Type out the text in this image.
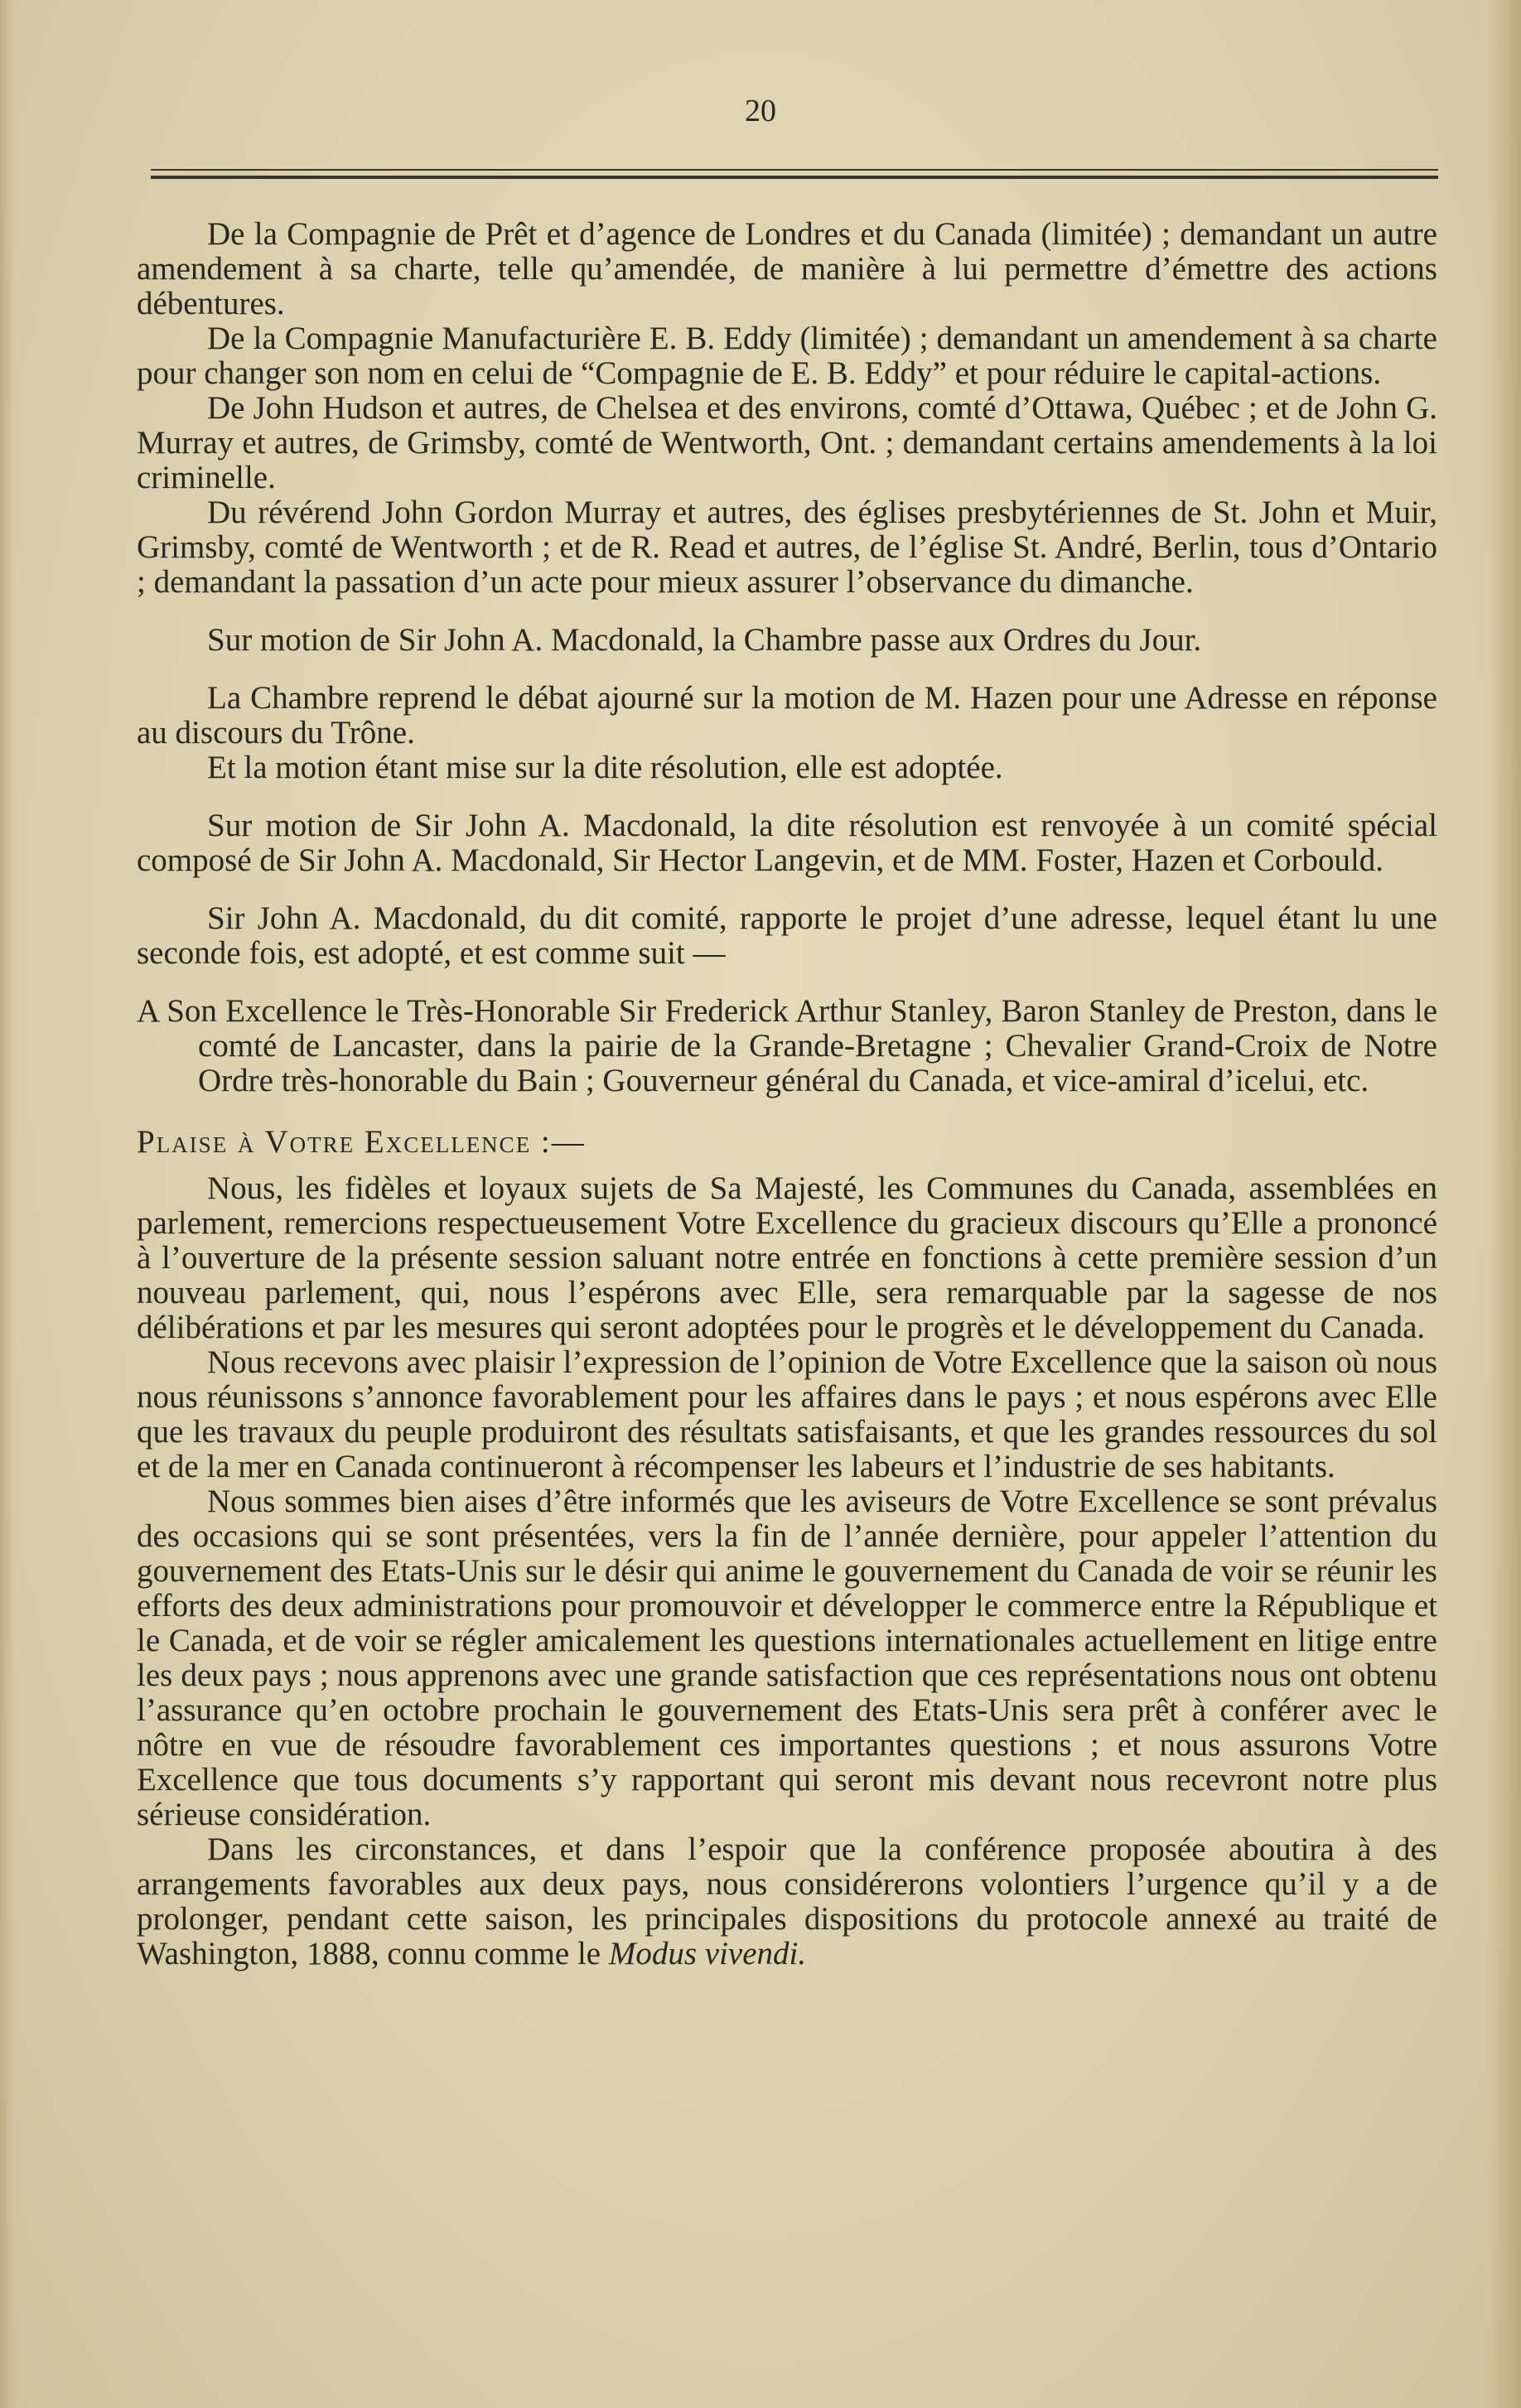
20

De la Compagnie de Prêt et d’agence de Londres et du Canada (limitée) ; demandant un autre amendement à sa charte, telle qu’amendée, de manière à lui permettre d’émettre des actions débentures.

De la Compagnie Manufacturière E. B. Eddy (limitée) ; demandant un amendement à sa charte pour changer son nom en celui de “Compagnie de E. B. Eddy” et pour réduire le capital-actions.

De John Hudson et autres, de Chelsea et des environs, comté d’Ottawa, Québec ; et de John G. Murray et autres, de Grimsby, comté de Wentworth, Ont. ; demandant certains amendements à la loi criminelle.

Du révérend John Gordon Murray et autres, des églises presbytériennes de St. John et Muir, Grimsby, comté de Wentworth ; et de R. Read et autres, de l’église St. André, Berlin, tous d’Ontario ; demandant la passation d’un acte pour mieux assurer l’observance du dimanche.

Sur motion de Sir John A. Macdonald, la Chambre passe aux Ordres du Jour.

La Chambre reprend le débat ajourné sur la motion de M. Hazen pour une Adresse en réponse au discours du Trône.

Et la motion étant mise sur la dite résolution, elle est adoptée.

Sur motion de Sir John A. Macdonald, la dite résolution est renvoyée à un comité spécial composé de Sir John A. Macdonald, Sir Hector Langevin, et de MM. Foster, Hazen et Corbould.

Sir John A. Macdonald, du dit comité, rapporte le projet d’une adresse, lequel étant lu une seconde fois, est adopté, et est comme suit —

A Son Excellence le Très-Honorable Sir Frederick Arthur Stanley, Baron Stanley de Preston, dans le comté de Lancaster, dans la pairie de la Grande-Bretagne ; Chevalier Grand-Croix de Notre Ordre très-honorable du Bain ; Gouverneur général du Canada, et vice-amiral d’icelui, etc.

Plaise à Votre Excellence :—

Nous, les fidèles et loyaux sujets de Sa Majesté, les Communes du Canada, assemblées en parlement, remercions respectueusement Votre Excellence du gracieux discours qu’Elle a prononcé à l’ouverture de la présente session saluant notre entrée en fonctions à cette première session d’un nouveau parlement, qui, nous l’espérons avec Elle, sera remarquable par la sagesse de nos délibérations et par les mesures qui seront adoptées pour le progrès et le développement du Canada.

Nous recevons avec plaisir l’expression de l’opinion de Votre Excellence que la saison où nous nous réunissons s’annonce favorablement pour les affaires dans le pays ; et nous espérons avec Elle que les travaux du peuple produiront des résultats satisfaisants, et que les grandes ressources du sol et de la mer en Canada continueront à récompenser les labeurs et l’industrie de ses habitants.

Nous sommes bien aises d’être informés que les aviseurs de Votre Excellence se sont prévalus des occasions qui se sont présentées, vers la fin de l’année dernière, pour appeler l’attention du gouvernement des Etats-Unis sur le désir qui anime le gouvernement du Canada de voir se réunir les efforts des deux administrations pour promouvoir et développer le commerce entre la République et le Canada, et de voir se régler amicalement les questions internationales actuellement en litige entre les deux pays ; nous apprenons avec une grande satisfaction que ces représentations nous ont obtenu l’assurance qu’en octobre prochain le gouvernement des Etats-Unis sera prêt à conférer avec le nôtre en vue de résoudre favorablement ces importantes questions ; et nous assurons Votre Excellence que tous documents s’y rapportant qui seront mis devant nous recevront notre plus sérieuse considération.

Dans les circonstances, et dans l’espoir que la conférence proposée aboutira à des arrangements favorables aux deux pays, nous considérerons volontiers l’urgence qu’il y a de prolonger, pendant cette saison, les principales dispositions du protocole annexé au traité de Washington, 1888, connu comme le Modus vivendi.
